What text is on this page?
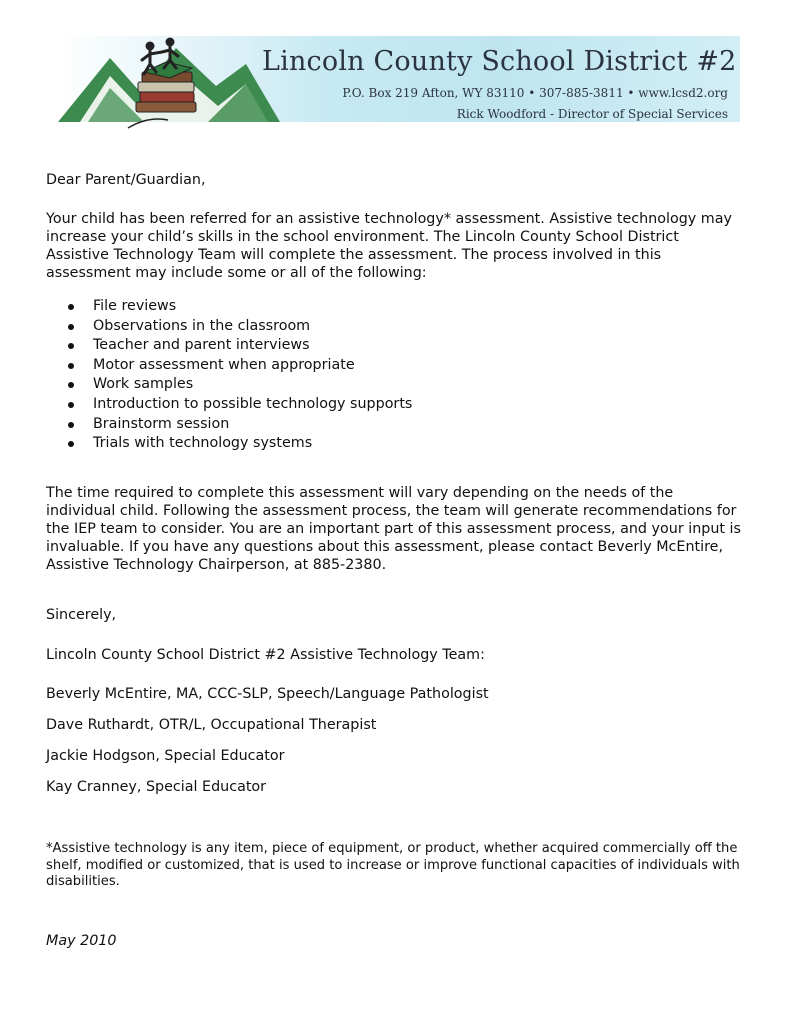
Lincoln County School District #2
P.O. Box 219 Afton, WY 83110 • 307-885-3811 • www.lcsd2.org
Rick Woodford - Director of Special Services
Dear Parent/Guardian,
Your child has been referred for an assistive technology* assessment. Assistive technology may increase your child’s skills in the school environment. The Lincoln County School District Assistive Technology Team will complete the assessment. The process involved in this assessment may include some or all of the following:
File reviews
Observations in the classroom
Teacher and parent interviews
Motor assessment when appropriate
Work samples
Introduction to possible technology supports
Brainstorm session
Trials with technology systems
The time required to complete this assessment will vary depending on the needs of the individual child. Following the assessment process, the team will generate recommendations for the IEP team to consider. You are an important part of this assessment process, and your input is invaluable. If you have any questions about this assessment, please contact Beverly McEntire, Assistive Technology Chairperson, at 885-2380.
Sincerely,
Lincoln County School District #2 Assistive Technology Team:
Beverly McEntire, MA, CCC-SLP, Speech/Language Pathologist
Dave Ruthardt, OTR/L, Occupational Therapist
Jackie Hodgson, Special Educator
Kay Cranney, Special Educator
*Assistive technology is any item, piece of equipment, or product, whether acquired commercially off the shelf, modified or customized, that is used to increase or improve functional capacities of individuals with disabilities.
May 2010
